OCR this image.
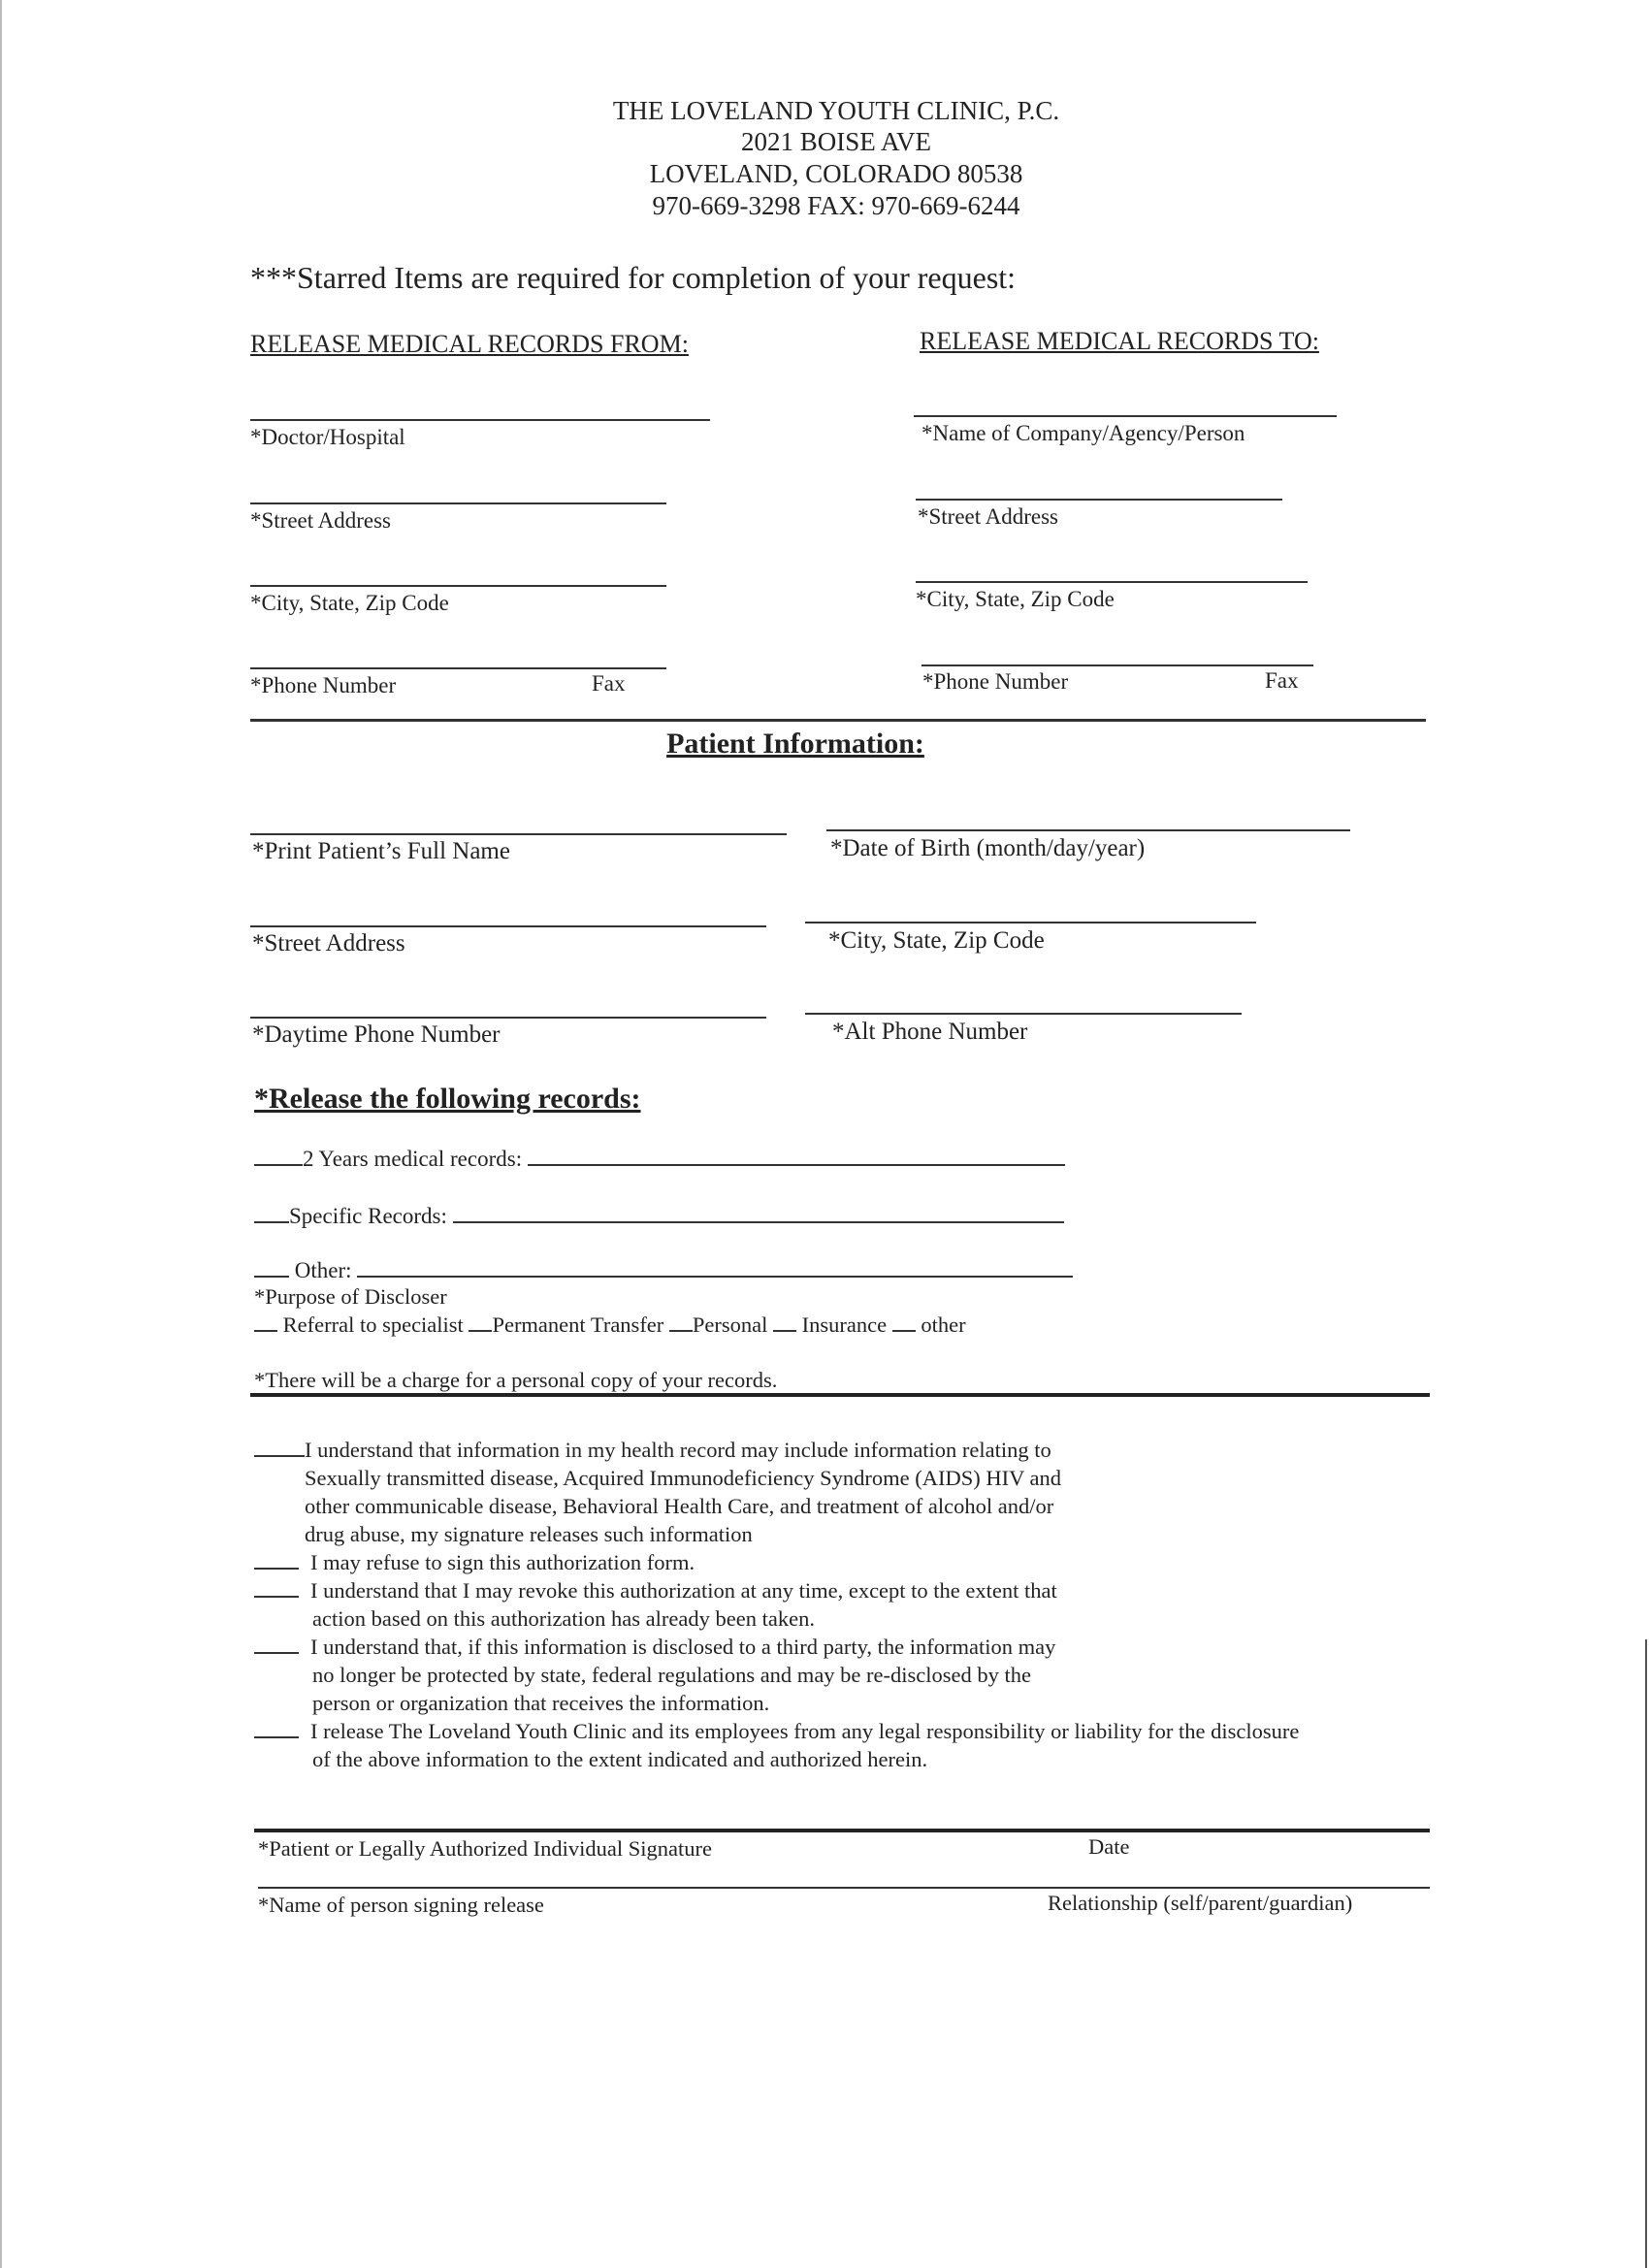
THE LOVELAND YOUTH CLINIC, P.C.
2021 BOISE AVE
LOVELAND, COLORADO 80538
970-669-3298 FAX: 970-669-6244
***Starred Items are required for completion of your request:
RELEASE MEDICAL RECORDS FROM:
*Doctor/Hospital
*Street Address
*City, State, Zip Code
*Phone Number	Fax
RELEASE MEDICAL RECORDS TO:
*Name of Company/Agency/Person
*Street Address
*City, State, Zip Code
*Phone Number	Fax
Patient Information:
*Print Patient’s Full Name	*Date of Birth (month/day/year)
*Street Address	*City, State, Zip Code
*Daytime Phone Number	*Alt Phone Number
*Release the following records:
2 Years medical records:
Specific Records:
Other:
*Purpose of Discloser
Referral to specialist Permanent Transfer Personal Insurance other
*There will be a charge for a personal copy of your records.
I understand that information in my health record may include information relating to
Sexually transmitted disease, Acquired Immunodeficiency Syndrome (AIDS) HIV and
other communicable disease, Behavioral Health Care, and treatment of alcohol and/or
drug abuse, my signature releases such information
I may refuse to sign this authorization form.
I understand that I may revoke this authorization at any time, except to the extent that
action based on this authorization has already been taken.
I understand that, if this information is disclosed to a third party, the information may
no longer be protected by state, federal regulations and may be re-disclosed by the
person or organization that receives the information.
I release The Loveland Youth Clinic and its employees from any legal responsibility or liability for the disclosure
of the above information to the extent indicated and authorized herein.
*Patient or Legally Authorized Individual Signature	Date
*Name of person signing release	Relationship (self/parent/guardian)
